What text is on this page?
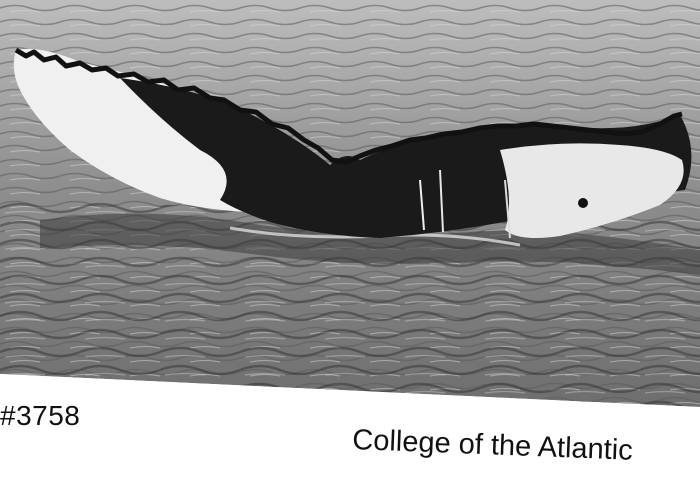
#3758
College of the Atlantic
